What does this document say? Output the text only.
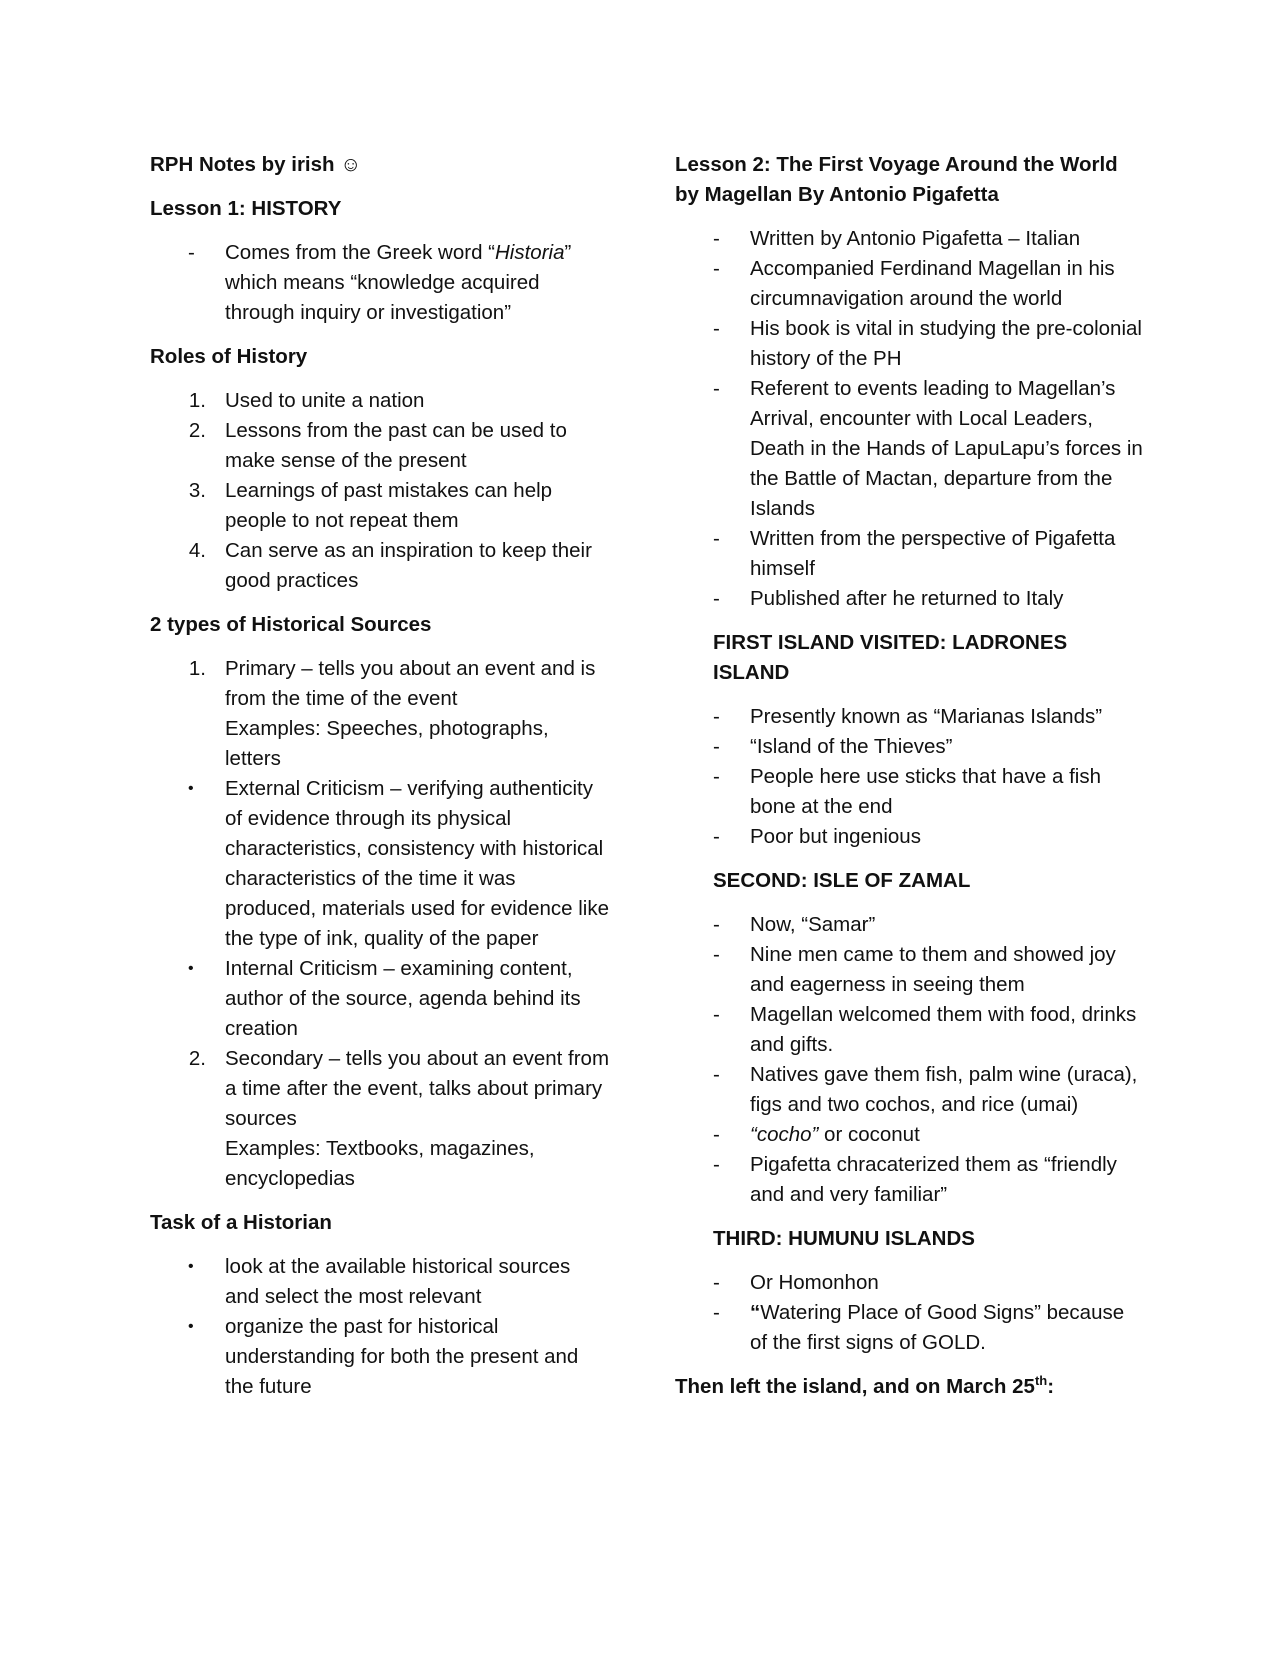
RPH Notes by irish ☺

Lesson 1: HISTORY

- Comes from the Greek word “Historia” which means “knowledge acquired through inquiry or investigation”

Roles of History

1. Used to unite a nation
2. Lessons from the past can be used to make sense of the present
3. Learnings of past mistakes can help people to not repeat them
4. Can serve as an inspiration to keep their good practices

2 types of Historical Sources

1. Primary – tells you about an event and is from the time of the event
Examples: Speeches, photographs, letters
• External Criticism – verifying authenticity of evidence through its physical characteristics, consistency with historical characteristics of the time it was produced, materials used for evidence like the type of ink, quality of the paper
• Internal Criticism – examining content, author of the source, agenda behind its creation
2. Secondary – tells you about an event from a time after the event, talks about primary sources
Examples: Textbooks, magazines, encyclopedias

Task of a Historian

• look at the available historical sources and select the most relevant
• organize the past for historical understanding for both the present and the future

Lesson 2: The First Voyage Around the World by Magellan By Antonio Pigafetta

- Written by Antonio Pigafetta – Italian
- Accompanied Ferdinand Magellan in his circumnavigation around the world
- His book is vital in studying the pre-colonial history of the PH
- Referent to events leading to Magellan’s Arrival, encounter with Local Leaders, Death in the Hands of LapuLapu’s forces in the Battle of Mactan, departure from the Islands
- Written from the perspective of Pigafetta himself
- Published after he returned to Italy

FIRST ISLAND VISITED: LADRONES ISLAND

- Presently known as “Marianas Islands”
- “Island of the Thieves”
- People here use sticks that have a fish bone at the end
- Poor but ingenious

SECOND: ISLE OF ZAMAL

- Now, “Samar”
- Nine men came to them and showed joy and eagerness in seeing them
- Magellan welcomed them with food, drinks and gifts.
- Natives gave them fish, palm wine (uraca), figs and two cochos, and rice (umai)
- “cocho” or coconut
- Pigafetta chracaterized them as “friendly and and very familiar”

THIRD: HUMUNU ISLANDS

- Or Homonhon
- “Watering Place of Good Signs” because of the first signs of GOLD.

Then left the island, and on March 25th:
